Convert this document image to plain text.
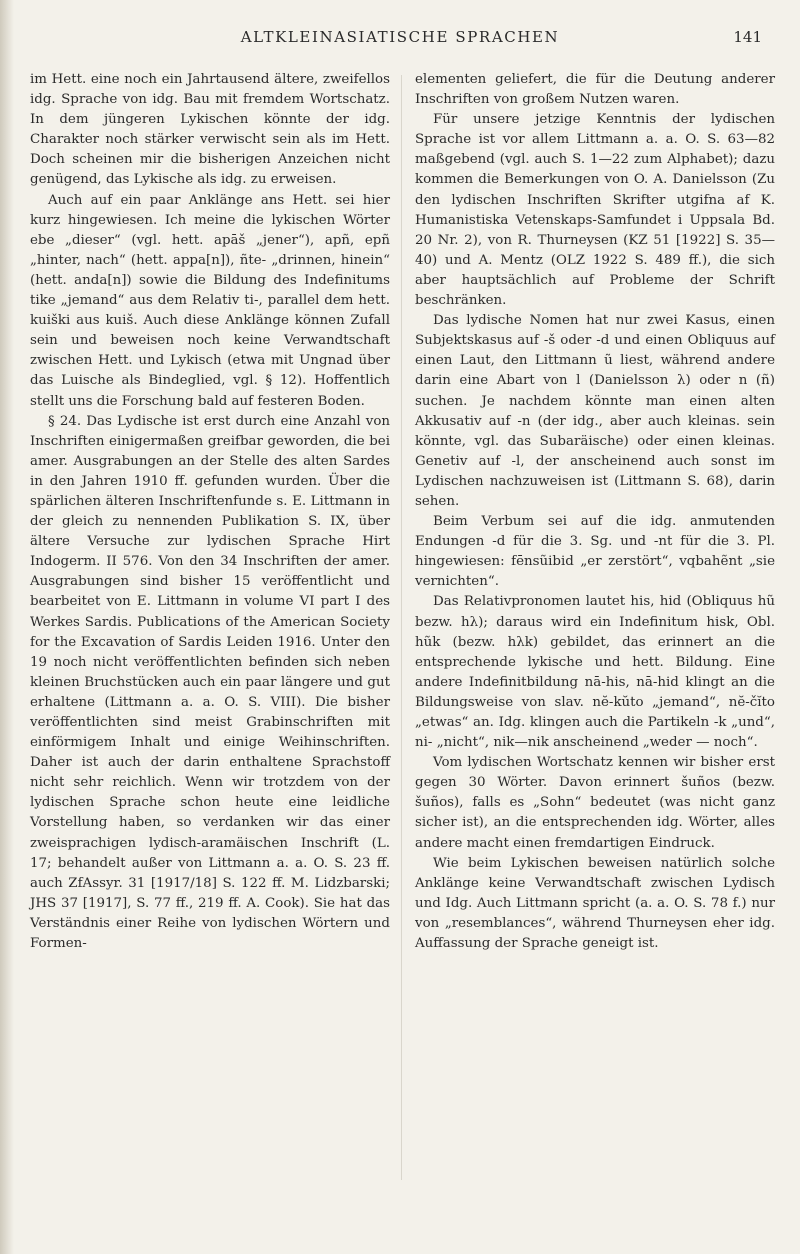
ALTKLEINASIATISCHE SPRACHEN	141

im Hett. eine noch ein Jahrtausend ältere, zweifellos idg. Sprache von idg. Bau mit fremdem Wortschatz. In dem jüngeren Lykischen könnte der idg. Charakter noch stärker verwischt sein als im Hett. Doch scheinen mir die bisherigen Anzeichen nicht genügend, das Lykische als idg. zu erweisen.

Auch auf ein paar Anklänge ans Hett. sei hier kurz hingewiesen. Ich meine die lykischen Wörter ebe „dieser“ (vgl. hett. apāš „jener“), apñ, epñ „hinter, nach“ (hett. appa[n]), ñte- „drinnen, hinein“ (hett. anda[n]) sowie die Bildung des Indefinitums tike „jemand“ aus dem Relativ ti-, parallel dem hett. kuiški aus kuiš. Auch diese Anklänge können Zufall sein und beweisen noch keine Verwandtschaft zwischen Hett. und Lykisch (etwa mit Ungnad über das Luische als Bindeglied, vgl. § 12). Hoffentlich stellt uns die Forschung bald auf festeren Boden.

§ 24. Das Lydische ist erst durch eine Anzahl von Inschriften einigermaßen greifbar geworden, die bei amer. Ausgrabungen an der Stelle des alten Sardes in den Jahren 1910 ff. gefunden wurden. Über die spärlichen älteren Inschriftenfunde s. E. Littmann in der gleich zu nennenden Publikation S. IX, über ältere Versuche zur lydischen Sprache Hirt Indogerm. II 576. Von den 34 Inschriften der amer. Ausgrabungen sind bisher 15 veröffentlicht und bearbeitet von E. Littmann in volume VI part I des Werkes Sardis. Publications of the American Society for the Excavation of Sardis Leiden 1916. Unter den 19 noch nicht veröffentlichten befinden sich neben kleinen Bruchstücken auch ein paar längere und gut erhaltene (Littmann a. a. O. S. VIII). Die bisher veröffentlichten sind meist Grabinschriften mit einförmigem Inhalt und einige Weihinschriften. Daher ist auch der darin enthaltene Sprachstoff nicht sehr reichlich. Wenn wir trotzdem von der lydischen Sprache schon heute eine leidliche Vorstellung haben, so verdanken wir das einer zweisprachigen lydisch-aramäischen Inschrift (L. 17; behandelt außer von Littmann a. a. O. S. 23 ff. auch ZfAssyr. 31 [1917/18] S. 122 ff. M. Lidzbarski; JHS 37 [1917], S. 77 ff., 219 ff. A. Cook). Sie hat das Verständnis einer Reihe von lydischen Wörtern und Formen-

elementen geliefert, die für die Deutung anderer Inschriften von großem Nutzen waren.

Für unsere jetzige Kenntnis der lydischen Sprache ist vor allem Littmann a. a. O. S. 63—82 maßgebend (vgl. auch S. 1—22 zum Alphabet); dazu kommen die Bemerkungen von O. A. Danielsson (Zu den lydischen Inschriften Skrifter utgifna af K. Humanistiska Vetenskaps-Samfundet i Uppsala Bd. 20 Nr. 2), von R. Thurneysen (KZ 51 [1922] S. 35—40) und A. Mentz (OLZ 1922 S. 489 ff.), die sich aber hauptsächlich auf Probleme der Schrift beschränken.

Das lydische Nomen hat nur zwei Kasus, einen Subjektskasus auf -š oder -d und einen Obliquus auf einen Laut, den Littmann ũ liest, während andere darin eine Abart von l (Danielsson λ) oder n (ñ) suchen. Je nachdem könnte man einen alten Akkusativ auf -n (der idg., aber auch kleinas. sein könnte, vgl. das Subaräische) oder einen kleinas. Genetiv auf -l, der anscheinend auch sonst im Lydischen nachzuweisen ist (Littmann S. 68), darin sehen.

Beim Verbum sei auf die idg. anmutenden Endungen -d für die 3. Sg. und -nt für die 3. Pl. hingewiesen: fēnsũibid „er zerstört“, vqbahẽnt „sie vernichten“.

Das Relativpronomen lautet his, hid (Obliquus hũ bezw. hλ); daraus wird ein Indefinitum hisk, Obl. hũk (bezw. hλk) gebildet, das erinnert an die entsprechende lykische und hett. Bildung. Eine andere Indefinitbildung nā-his, nā-hid klingt an die Bildungsweise von slav. nĕ-kŭto „jemand“, nĕ-čĭto „etwas“ an. Idg. klingen auch die Partikeln -k „und“, ni- „nicht“, nik—nik anscheinend „weder — noch“.

Vom lydischen Wortschatz kennen wir bisher erst gegen 30 Wörter. Davon erinnert šuños (bezw. šuños), falls es „Sohn“ bedeutet (was nicht ganz sicher ist), an die entsprechenden idg. Wörter, alles andere macht einen fremdartigen Eindruck.

Wie beim Lykischen beweisen natürlich solche Anklänge keine Verwandtschaft zwischen Lydisch und Idg. Auch Littmann spricht (a. a. O. S. 78 f.) nur von „resemblances“, während Thurneysen eher idg. Auffassung der Sprache geneigt ist.
